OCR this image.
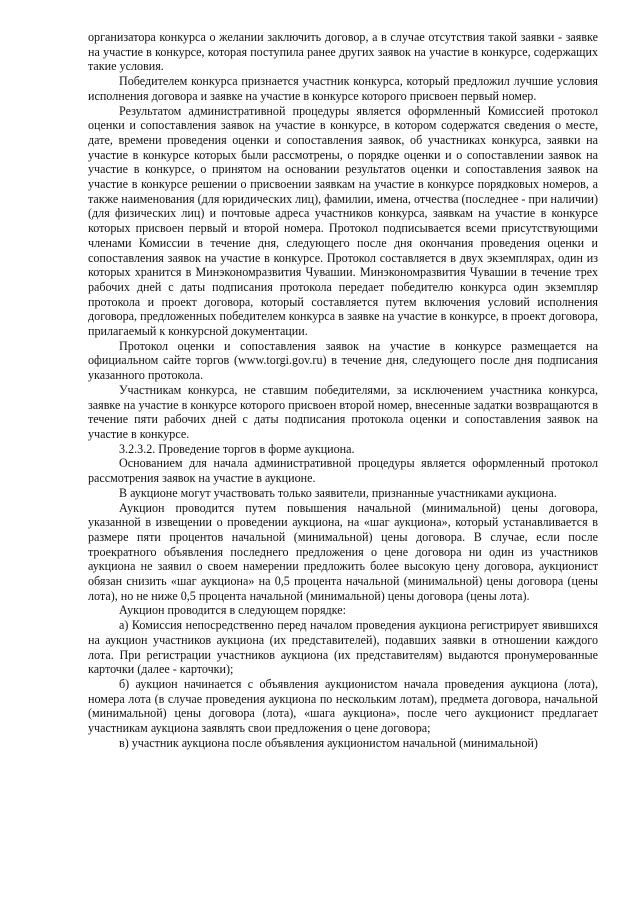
организатора конкурса о желании заключить договор, а в случае отсутствия такой заявки - заявке на участие в конкурсе, которая поступила ранее других заявок на участие в конкурсе, содержащих такие условия.

Победителем конкурса признается участник конкурса, который предложил лучшие условия исполнения договора и заявке на участие в конкурсе которого присвоен первый номер.

Результатом административной процедуры является оформленный Комиссией протокол оценки и сопоставления заявок на участие в конкурсе, в котором содержатся сведения о месте, дате, времени проведения оценки и сопоставления заявок, об участниках конкурса, заявки на участие в конкурсе которых были рассмотрены, о порядке оценки и о сопоставлении заявок на участие в конкурсе, о принятом на основании результатов оценки и сопоставления заявок на участие в конкурсе решении о присвоении заявкам на участие в конкурсе порядковых номеров, а также наименования (для юридических лиц), фамилии, имена, отчества (последнее - при наличии) (для физических лиц) и почтовые адреса участников конкурса, заявкам на участие в конкурсе которых присвоен первый и второй номера. Протокол подписывается всеми присутствующими членами Комиссии в течение дня, следующего после дня окончания проведения оценки и сопоставления заявок на участие в конкурсе. Протокол составляется в двух экземплярах, один из которых хранится в Минэкономразвития Чувашии. Минэкономразвития Чувашии в течение трех рабочих дней с даты подписания протокола передает победителю конкурса один экземпляр протокола и проект договора, который составляется путем включения условий исполнения договора, предложенных победителем конкурса в заявке на участие в конкурсе, в проект договора, прилагаемый к конкурсной документации.

Протокол оценки и сопоставления заявок на участие в конкурсе размещается на официальном сайте торгов (www.torgi.gov.ru) в течение дня, следующего после дня подписания указанного протокола.

Участникам конкурса, не ставшим победителями, за исключением участника конкурса, заявке на участие в конкурсе которого присвоен второй номер, внесенные задатки возвращаются в течение пяти рабочих дней с даты подписания протокола оценки и сопоставления заявок на участие в конкурсе.

3.2.3.2. Проведение торгов в форме аукциона.

Основанием для начала административной процедуры является оформленный протокол рассмотрения заявок на участие в аукционе.

В аукционе могут участвовать только заявители, признанные участниками аукциона.

Аукцион проводится путем повышения начальной (минимальной) цены договора, указанной в извещении о проведении аукциона, на «шаг аукциона», который устанавливается в размере пяти процентов начальной (минимальной) цены договора. В случае, если после троекратного объявления последнего предложения о цене договора ни один из участников аукциона не заявил о своем намерении предложить более высокую цену договора, аукционист обязан снизить «шаг аукциона» на 0,5 процента начальной (минимальной) цены договора (цены лота), но не ниже 0,5 процента начальной (минимальной) цены договора (цены лота).

Аукцион проводится в следующем порядке:

а) Комиссия непосредственно перед началом проведения аукциона регистрирует явившихся на аукцион участников аукциона (их представителей), подавших заявки в отношении каждого лота. При регистрации участников аукциона (их представителям) выдаются пронумерованные карточки (далее - карточки);

б) аукцион начинается с объявления аукционистом начала проведения аукциона (лота), номера лота (в случае проведения аукциона по нескольким лотам), предмета договора, начальной (минимальной) цены договора (лота), «шага аукциона», после чего аукционист предлагает участникам аукциона заявлять свои предложения о цене договора;

в) участник аукциона после объявления аукционистом начальной (минимальной)
